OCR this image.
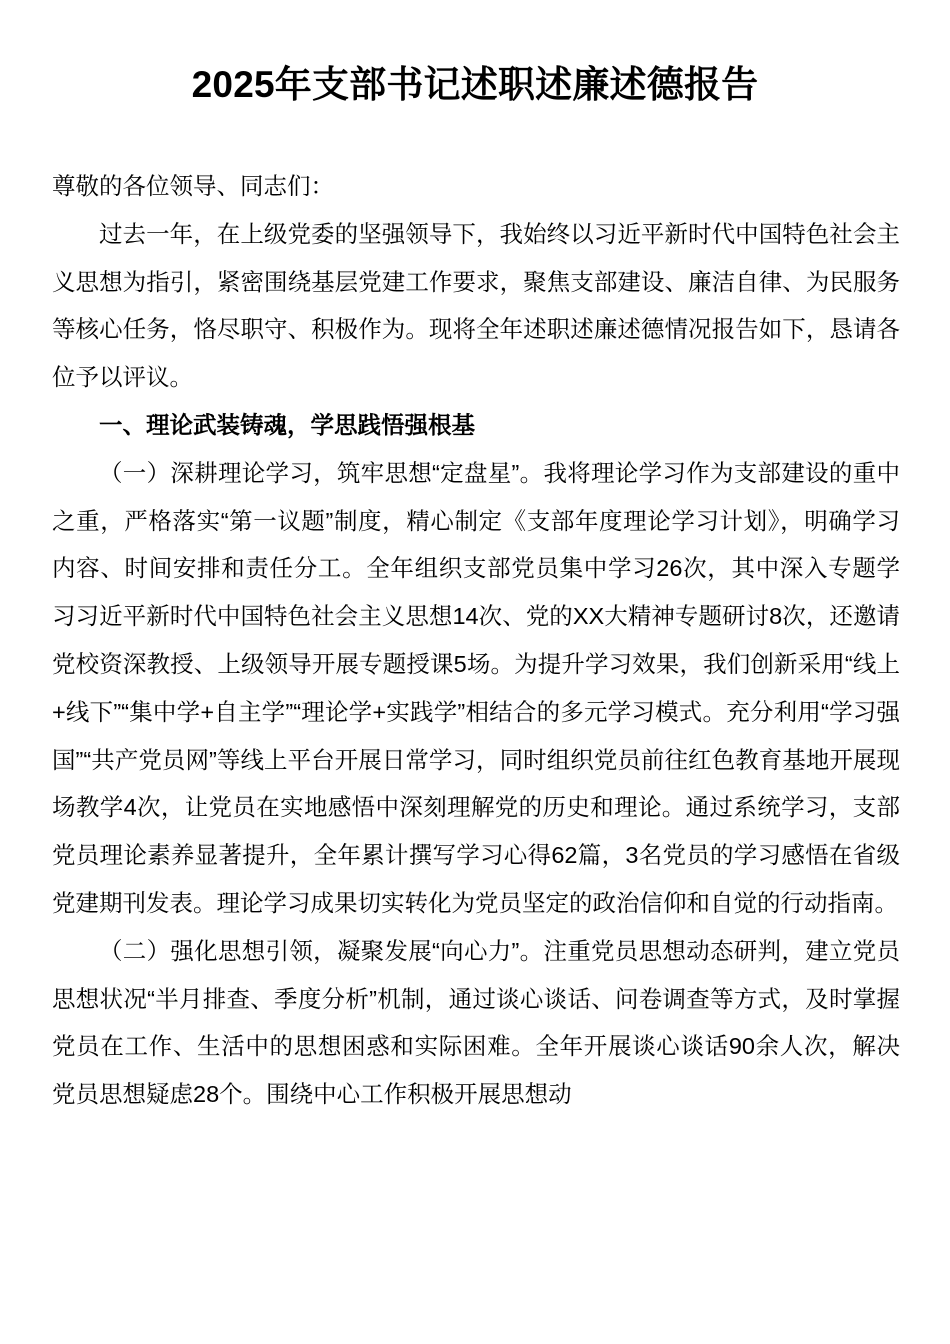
2025年支部书记述职述廉述德报告

尊敬的各位领导、同志们：

过去一年，在上级党委的坚强领导下，我始终以习近平新时代中国特色社会主义思想为指引，紧密围绕基层党建工作要求，聚焦支部建设、廉洁自律、为民服务等核心任务，恪尽职守、积极作为。现将全年述职述廉述德情况报告如下，恳请各位予以评议。

一、理论武装铸魂，学思践悟强根基

（一）深耕理论学习，筑牢思想“定盘星”。我将理论学习作为支部建设的重中之重，严格落实“第一议题”制度，精心制定《支部年度理论学习计划》，明确学习内容、时间安排和责任分工。全年组织支部党员集中学习26次，其中深入专题学习习近平新时代中国特色社会主义思想14次、党的XX大精神专题研讨8次，还邀请党校资深教授、上级领导开展专题授课5场。为提升学习效果，我们创新采用“线上+线下”“集中学+自主学”“理论学+实践学”相结合的多元学习模式。充分利用“学习强国”“共产党员网”等线上平台开展日常学习，同时组织党员前往红色教育基地开展现场教学4次，让党员在实地感悟中深刻理解党的历史和理论。通过系统学习，支部党员理论素养显著提升，全年累计撰写学习心得62篇，3名党员的学习感悟在省级党建期刊发表。理论学习成果切实转化为党员坚定的政治信仰和自觉的行动指南。

（二）强化思想引领，凝聚发展“向心力”。注重党员思想动态研判，建立党员思想状况“半月排查、季度分析”机制，通过谈心谈话、问卷调查等方式，及时掌握党员在工作、生活中的思想困惑和实际困难。全年开展谈心谈话90余人次，解决党员思想疑虑28个。围绕中心工作积极开展思想动
